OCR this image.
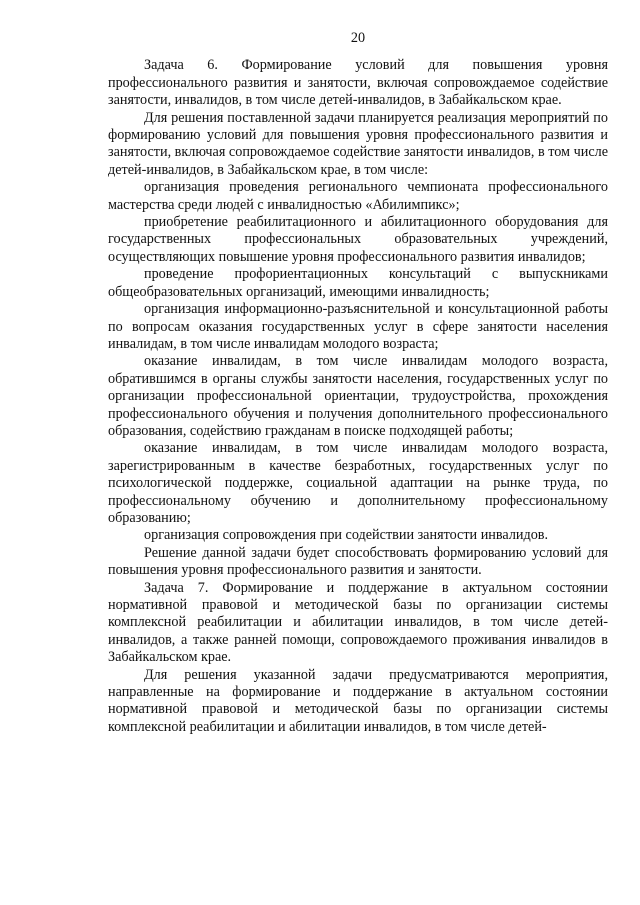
20

Задача 6. Формирование условий для повышения уровня профессионального развития и занятости, включая сопровождаемое содействие занятости, инвалидов, в том числе детей-инвалидов, в Забайкальском крае.

Для решения поставленной задачи планируется реализация мероприятий по формированию условий для повышения уровня профессионального развития и занятости, включая сопровождаемое содействие занятости инвалидов, в том числе детей-инвалидов, в Забайкальском крае, в том числе:

организация проведения регионального чемпионата профессионального мастерства среди людей с инвалидностью «Абилимпикс»;

приобретение реабилитационного и абилитационного оборудования для государственных профессиональных образовательных учреждений, осуществляющих повышение уровня профессионального развития инвалидов;

проведение профориентационных консультаций с выпускниками общеобразовательных организаций, имеющими инвалидность;

организация информационно-разъяснительной и консультационной работы по вопросам оказания государственных услуг в сфере занятости населения инвалидам, в том числе инвалидам молодого возраста;

оказание инвалидам, в том числе инвалидам молодого возраста, обратившимся в органы службы занятости населения, государственных услуг по организации профессиональной ориентации, трудоустройства, прохождения профессионального обучения и получения дополнительного профессионального образования, содействию гражданам в поиске подходящей работы;

оказание инвалидам, в том числе инвалидам молодого возраста, зарегистрированным в качестве безработных, государственных услуг по психологической поддержке, социальной адаптации на рынке труда, по профессиональному обучению и дополнительному профессиональному образованию;

организация сопровождения при содействии занятости инвалидов.

Решение данной задачи будет способствовать формированию условий для повышения уровня профессионального развития и занятости.

Задача 7. Формирование и поддержание в актуальном состоянии нормативной правовой и методической базы по организации системы комплексной реабилитации и абилитации инвалидов, в том числе детей-инвалидов, а также ранней помощи, сопровождаемого проживания инвалидов в Забайкальском крае.

Для решения указанной задачи предусматриваются мероприятия, направленные на формирование и поддержание в актуальном состоянии нормативной правовой и методической базы по организации системы комплексной реабилитации и абилитации инвалидов, в том числе детей-
